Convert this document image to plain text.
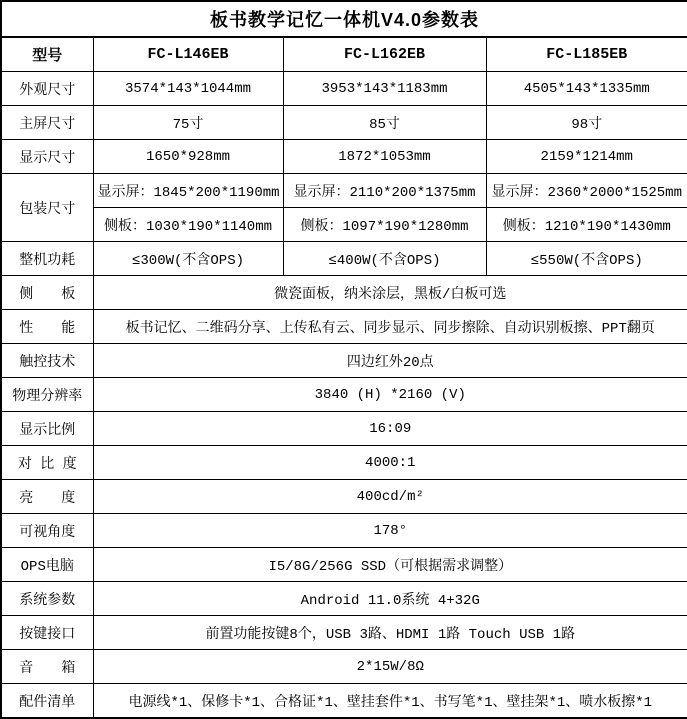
板书教学记忆一体机V4.0参数表			
型号	FC-L146EB	FC-L162EB	FC-L185EB
外观尺寸	3574*143*1044mm	3953*143*1183mm	4505*143*1335mm
主屏尺寸	75寸	85寸	98寸
显示尺寸	1650*928mm	1872*1053mm	2159*1214mm
包装尺寸	显示屏：1845*200*1190mm	显示屏：2110*200*1375mm	显示屏：2360*2000*1525mm
	侧板：1030*190*1140mm	侧板：1097*190*1280mm	侧板：1210*190*1430mm
整机功耗	≤300W(不含OPS)	≤400W(不含OPS)	≤550W(不含OPS)
侧　　板	微瓷面板，纳米涂层，黑板/白板可选		
性　　能	板书记忆、二维码分享、上传私有云、同步显示、同步擦除、自动识别板擦、PPT翻页		
触控技术	四边红外20点		
物理分辨率	3840 (H) *2160 (V)		
显示比例	16:09		
对 比 度	4000:1		
亮　　度	400cd/m²		
可视角度	178°		
OPS电脑	I5/8G/256G SSD（可根据需求调整）		
系统参数	Android 11.0系统 4+32G		
按键接口	前置功能按键8个，USB 3路、HDMI 1路 Touch USB 1路		
音　　箱	2*15W/8Ω		
配件清单	电源线*1、保修卡*1、合格证*1、壁挂套件*1、书写笔*1、壁挂架*1、喷水板擦*1		
